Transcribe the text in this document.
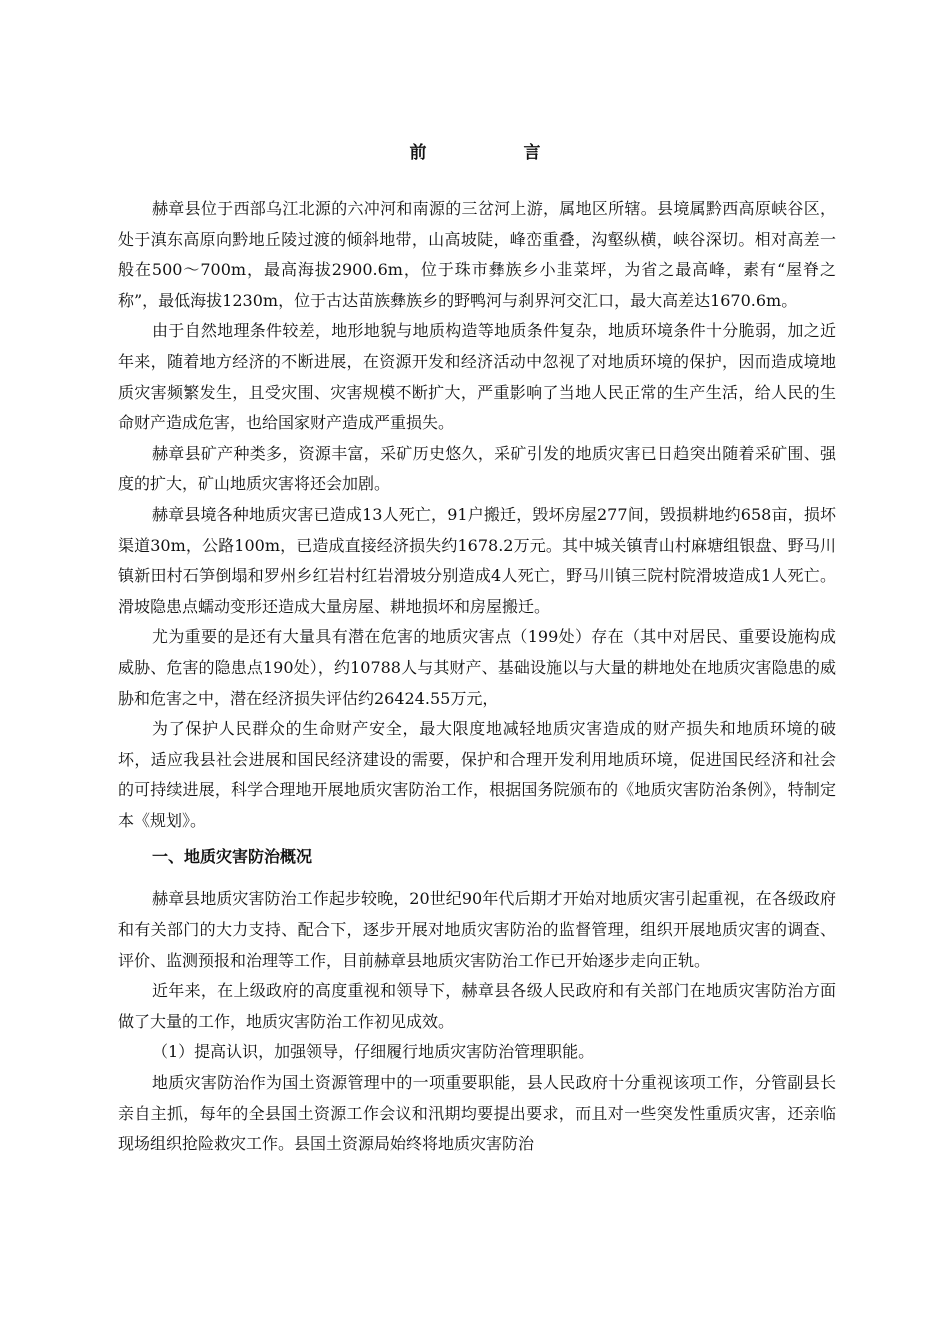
前　言

赫章县位于西部乌江北源的六冲河和南源的三岔河上游，属地区所辖。县境属黔西高原峡谷区，处于滇东高原向黔地丘陵过渡的倾斜地带，山高坡陡，峰峦重叠，沟壑纵横，峡谷深切。相对高差一般在500～700m，最高海拔2900.6m，位于珠市彝族乡小韭菜坪，为省之最高峰，素有“屋脊之称”，最低海拔1230m，位于古达苗族彝族乡的野鸭河与刹界河交汇口，最大高差达1670.6m。

由于自然地理条件较差，地形地貌与地质构造等地质条件复杂，地质环境条件十分脆弱，加之近年来，随着地方经济的不断进展，在资源开发和经济活动中忽视了对地质环境的保护，因而造成境地质灾害频繁发生，且受灾围、灾害规模不断扩大，严重影响了当地人民正常的生产生活，给人民的生命财产造成危害，也给国家财产造成严重损失。

赫章县矿产种类多，资源丰富，采矿历史悠久，采矿引发的地质灾害已日趋突出随着采矿围、强度的扩大，矿山地质灾害将还会加剧。

赫章县境各种地质灾害已造成13人死亡，91户搬迁，毁坏房屋277间，毁损耕地约658亩，损坏渠道30m，公路100m，已造成直接经济损失约1678.2万元。其中城关镇青山村麻塘组银盘、野马川镇新田村石笋倒塌和罗州乡红岩村红岩滑坡分别造成4人死亡，野马川镇三院村院滑坡造成1人死亡。滑坡隐患点蠕动变形还造成大量房屋、耕地损坏和房屋搬迁。

尤为重要的是还有大量具有潜在危害的地质灾害点（199处）存在（其中对居民、重要设施构成威胁、危害的隐患点190处），约10788人与其财产、基础设施以与大量的耕地处在地质灾害隐患的威胁和危害之中，潜在经济损失评估约26424.55万元，

为了保护人民群众的生命财产安全，最大限度地减轻地质灾害造成的财产损失和地质环境的破坏，适应我县社会进展和国民经济建设的需要，保护和合理开发利用地质环境，促进国民经济和社会的可持续进展，科学合理地开展地质灾害防治工作，根据国务院颁布的《地质灾害防治条例》，特制定本《规划》。

一、地质灾害防治概况

赫章县地质灾害防治工作起步较晚，20世纪90年代后期才开始对地质灾害引起重视，在各级政府和有关部门的大力支持、配合下，逐步开展对地质灾害防治的监督管理，组织开展地质灾害的调查、评价、监测预报和治理等工作，目前赫章县地质灾害防治工作已开始逐步走向正轨。

近年来，在上级政府的高度重视和领导下，赫章县各级人民政府和有关部门在地质灾害防治方面做了大量的工作，地质灾害防治工作初见成效。

（1）提高认识，加强领导，仔细履行地质灾害防治管理职能。

地质灾害防治作为国土资源管理中的一项重要职能，县人民政府十分重视该项工作，分管副县长亲自主抓，每年的全县国土资源工作会议和汛期均要提出要求，而且对一些突发性重质灾害，还亲临现场组织抢险救灾工作。县国土资源局始终将地质灾害防治
